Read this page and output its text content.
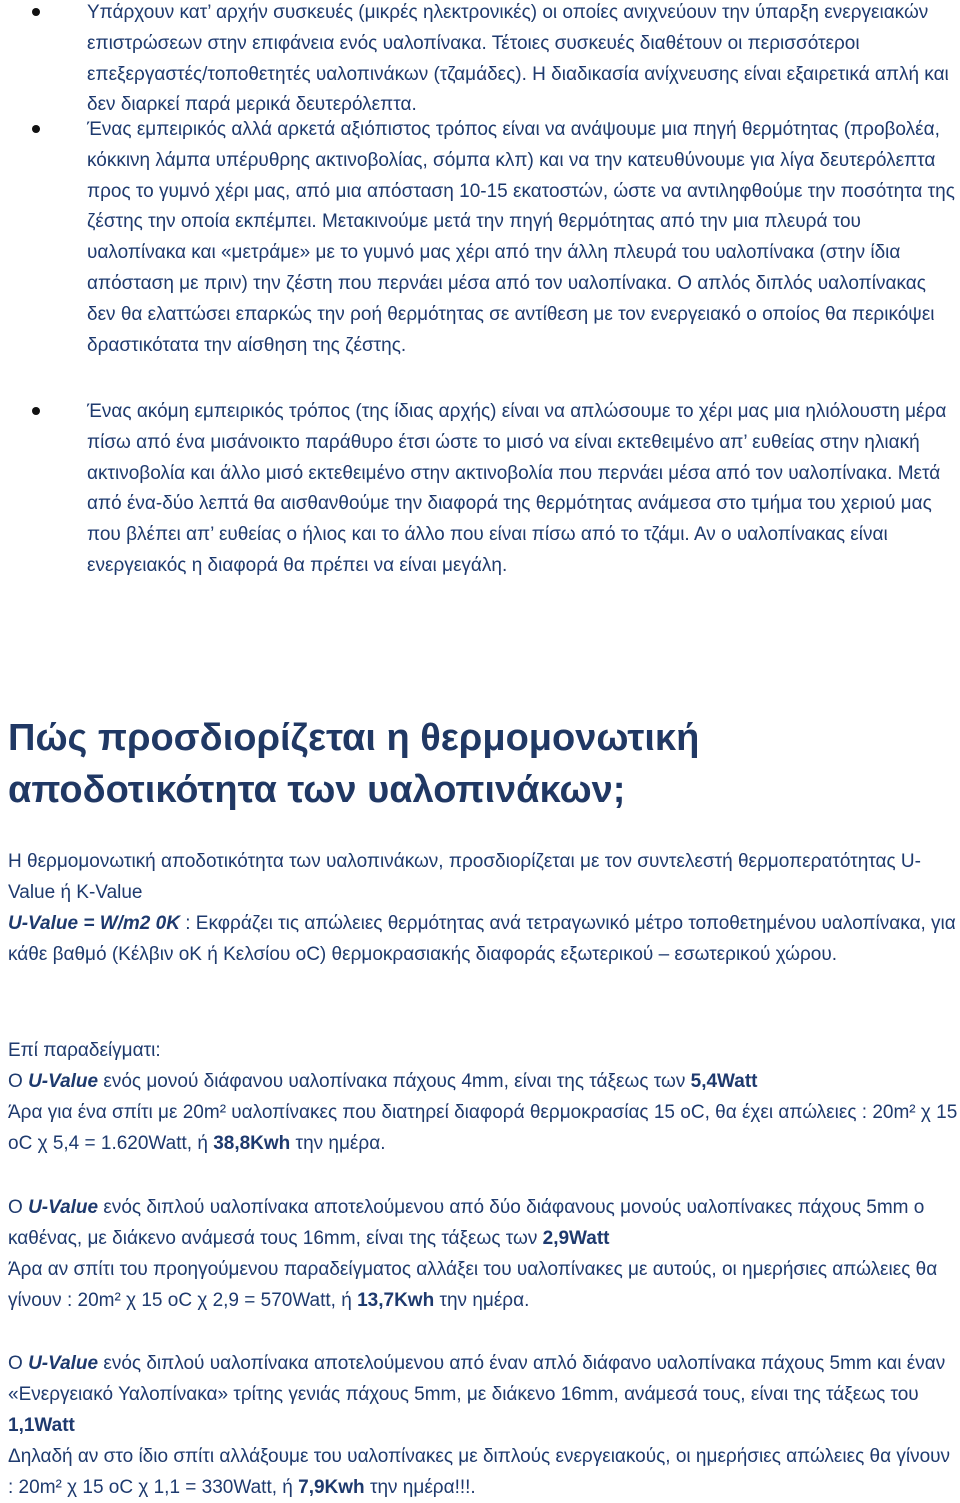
Υπάρχουν κατ’ αρχήν συσκευές (μικρές ηλεκτρονικές) οι οποίες ανιχνεύουν την ύπαρξη ενεργειακών επιστρώσεων στην επιφάνεια ενός υαλοπίνακα. Τέτοιες συσκευές διαθέτουν οι περισσότεροι επεξεργαστές/τοποθετητές υαλοπινάκων (τζαμάδες). Η διαδικασία ανίχνευσης είναι εξαιρετικά απλή και δεν διαρκεί παρά μερικά δευτερόλεπτα.
Ένας εμπειρικός αλλά αρκετά αξιόπιστος τρόπος είναι να ανάψουμε μια πηγή θερμότητας (προβολέα, κόκκινη λάμπα υπέρυθρης ακτινοβολίας, σόμπα κλπ) και να την κατευθύνουμε για λίγα δευτερόλεπτα προς το γυμνό χέρι μας, από μια απόσταση 10-15 εκατοστών, ώστε να αντιληφθούμε την ποσότητα της ζέστης την οποία εκπέμπει. Μετακινούμε μετά την πηγή θερμότητας από την μια πλευρά του υαλοπίνακα και «μετράμε» με το γυμνό μας χέρι από την άλλη πλευρά του υαλοπίνακα (στην ίδια απόσταση με πριν) την ζέστη που περνάει μέσα από τον υαλοπίνακα. Ο απλός διπλός υαλοπίνακας δεν θα ελαττώσει επαρκώς την ροή θερμότητας σε αντίθεση με τον ενεργειακό ο οποίος θα περικόψει δραστικότατα την αίσθηση της ζέστης.
Ένας ακόμη εμπειρικός τρόπος (της ίδιας αρχής) είναι να απλώσουμε το χέρι μας μια ηλιόλουστη μέρα πίσω από ένα μισάνοικτο παράθυρο έτσι ώστε το μισό να είναι εκτεθειμένο απ’ ευθείας στην ηλιακή ακτινοβολία και άλλο μισό εκτεθειμένο στην ακτινοβολία που περνάει μέσα από τον υαλοπίνακα. Μετά από ένα-δύο λεπτά θα αισθανθούμε την διαφορά της θερμότητας ανάμεσα στο τμήμα του χεριού μας που βλέπει απ’ ευθείας ο ήλιος και το άλλο που είναι πίσω από το τζάμι. Αν ο υαλοπίνακας είναι ενεργειακός η διαφορά θα πρέπει να είναι μεγάλη.
Πώς προσδιορίζεται η θερμομονωτική αποδοτικότητα των υαλοπινάκων;

Η θερμομονωτική αποδοτικότητα των υαλοπινάκων, προσδιορίζεται με τον συντελεστή θερμοπερατότητας U-Value ή K-Value
U-Value = W/m2 0K : Εκφράζει τις απώλειες θερμότητας ανά τετραγωνικό μέτρο τοποθετημένου υαλοπίνακα, για κάθε βαθμό (Κέλβιν οΚ ή Κελσίου οC) θερμοκρασιακής διαφοράς εξωτερικού – εσωτερικού χώρου.

Επί παραδείγματι:

Ο U-Value ενός μονού διάφανου υαλοπίνακα πάχους 4mm, είναι της τάξεως των 5,4Watt
Άρα για ένα σπίτι με 20m² υαλοπίνακες που διατηρεί διαφορά θερμοκρασίας 15 oC, θα έχει απώλειες : 20m² χ 15 oC χ 5,4 = 1.620Watt, ή 38,8Kwh την ημέρα.

Ο U-Value ενός διπλού υαλοπίνακα αποτελούμενου από δύο διάφανους μονούς υαλοπίνακες πάχους 5mm ο καθένας, με διάκενο ανάμεσά τους 16mm, είναι της τάξεως των 2,9Watt
Άρα αν σπίτι του προηγούμενου παραδείγματος αλλάξει του υαλοπίνακες με αυτούς, οι ημερήσιες απώλειες θα γίνουν : 20m² χ 15 oC χ 2,9 = 570Watt, ή 13,7Kwh την ημέρα.

Ο U-Value ενός διπλού υαλοπίνακα αποτελούμενου από έναν απλό διάφανο υαλοπίνακα πάχους 5mm και έναν «Ενεργειακό Υαλοπίνακα» τρίτης γενιάς πάχους 5mm, με διάκενο 16mm, ανάμεσά τους, είναι της τάξεως του 1,1Watt
Δηλαδή αν στο ίδιο σπίτι αλλάξουμε του υαλοπίνακες με διπλούς ενεργειακούς, οι ημερήσιες απώλειες θα γίνουν : 20m² χ 15 oC χ 1,1 = 330Watt, ή 7,9Kwh την ημέρα!!!.
